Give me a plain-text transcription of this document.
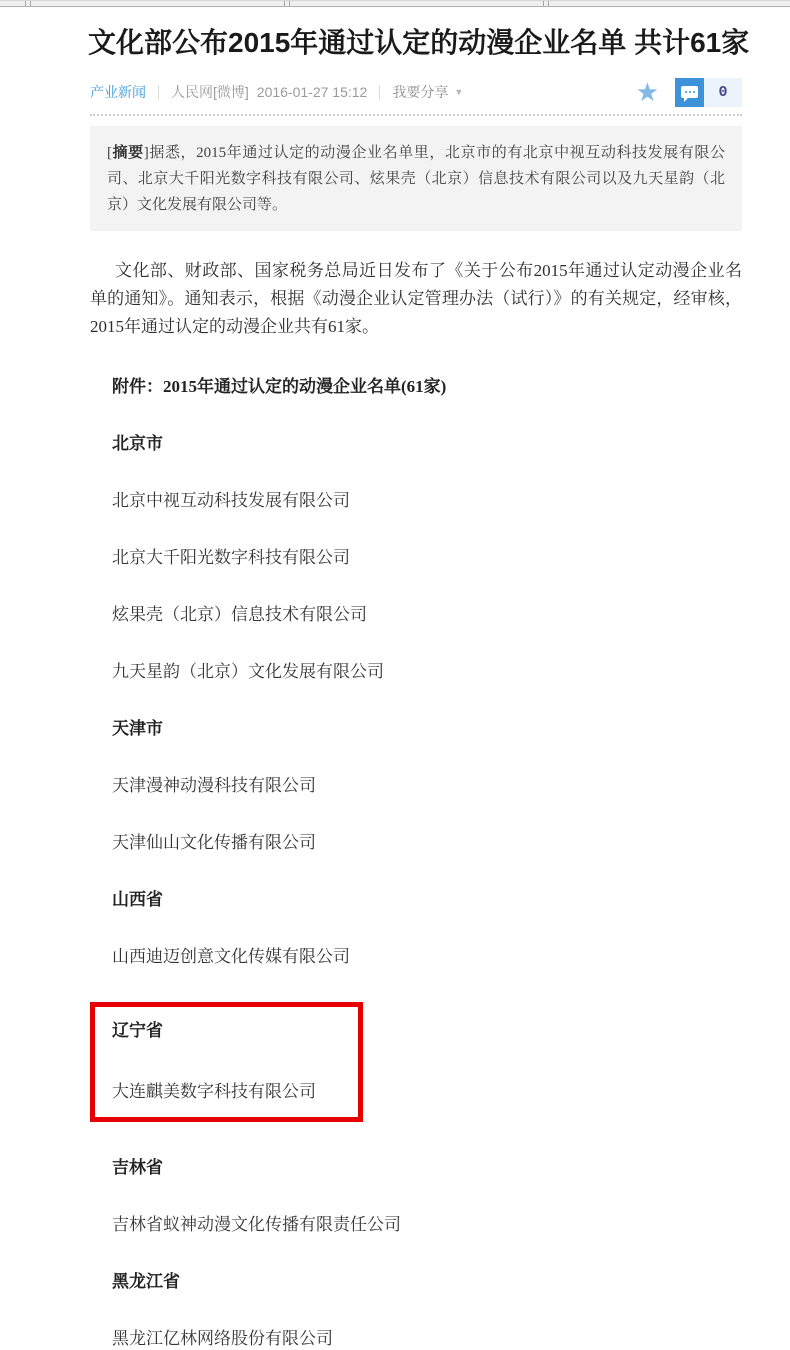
文化部公布2015年通过认定的动漫企业名单 共计61家
产业新闻 人民网[微博] 2016-01-27 15:12 我要分享 ▼	★	0
[摘要]据悉，2015年通过认定的动漫企业名单里，北京市的有北京中视互动科技发展有限公司、北京大千阳光数字科技有限公司、炫果壳（北京）信息技术有限公司以及九天星韵（北京）文化发展有限公司等。

文化部、财政部、国家税务总局近日发布了《关于公布2015年通过认定动漫企业名单的通知》。通知表示，根据《动漫企业认定管理办法（试行）》的有关规定，经审核，2015年通过认定的动漫企业共有61家。

附件：2015年通过认定的动漫企业名单(61家)

北京市

北京中视互动科技发展有限公司

北京大千阳光数字科技有限公司

炫果壳（北京）信息技术有限公司

九天星韵（北京）文化发展有限公司

天津市

天津漫神动漫科技有限公司

天津仙山文化传播有限公司

山西省

山西迪迈创意文化传媒有限公司

辽宁省

大连麒美数字科技有限公司

吉林省

吉林省蚁神动漫文化传播有限责任公司

黑龙江省

黑龙江亿林网络股份有限公司
